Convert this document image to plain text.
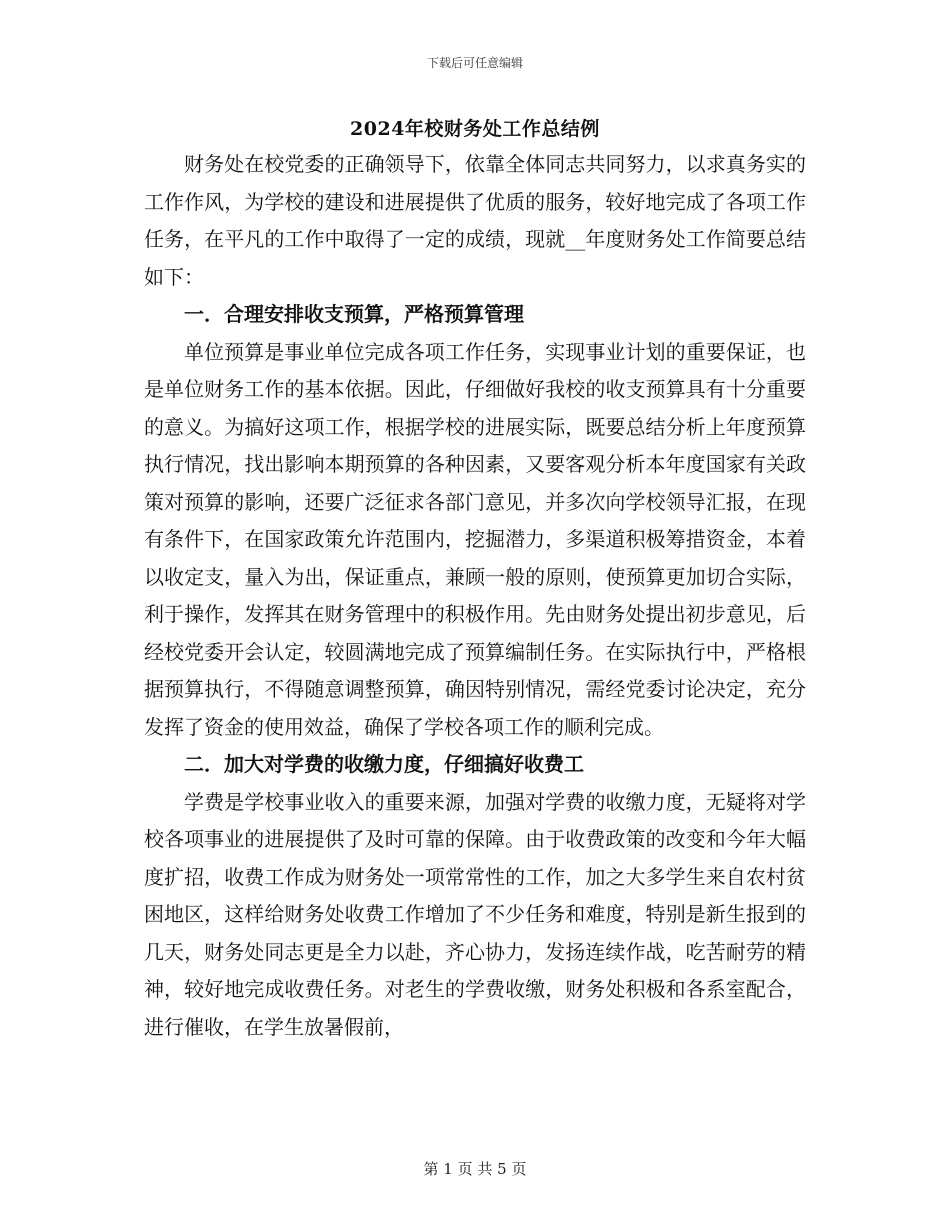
下载后可任意编辑
2024年校财务处工作总结例

财务处在校党委的正确领导下，依靠全体同志共同努力，以求真务实的工作作风，为学校的建设和进展提供了优质的服务，较好地完成了各项工作任务，在平凡的工作中取得了一定的成绩，现就__年度财务处工作简要总结如下：

一．合理安排收支预算，严格预算管理

单位预算是事业单位完成各项工作任务，实现事业计划的重要保证，也是单位财务工作的基本依据。因此，仔细做好我校的收支预算具有十分重要的意义。为搞好这项工作，根据学校的进展实际，既要总结分析上年度预算执行情况，找出影响本期预算的各种因素，又要客观分析本年度国家有关政策对预算的影响，还要广泛征求各部门意见，并多次向学校领导汇报，在现有条件下，在国家政策允许范围内，挖掘潜力，多渠道积极筹措资金，本着以收定支，量入为出，保证重点，兼顾一般的原则，使预算更加切合实际，利于操作，发挥其在财务管理中的积极作用。先由财务处提出初步意见，后经校党委开会认定，较圆满地完成了预算编制任务。在实际执行中，严格根据预算执行，不得随意调整预算，确因特别情况，需经党委讨论决定，充分发挥了资金的使用效益，确保了学校各项工作的顺利完成。

二．加大对学费的收缴力度，仔细搞好收费工

学费是学校事业收入的重要来源，加强对学费的收缴力度，无疑将对学校各项事业的进展提供了及时可靠的保障。由于收费政策的改变和今年大幅度扩招，收费工作成为财务处一项常常性的工作，加之大多学生来自农村贫困地区，这样给财务处收费工作增加了不少任务和难度，特别是新生报到的几天，财务处同志更是全力以赴，齐心协力，发扬连续作战，吃苦耐劳的精神，较好地完成收费任务。对老生的学费收缴，财务处积极和各系室配合，进行催收，在学生放暑假前，

第 1 页 共 5 页
